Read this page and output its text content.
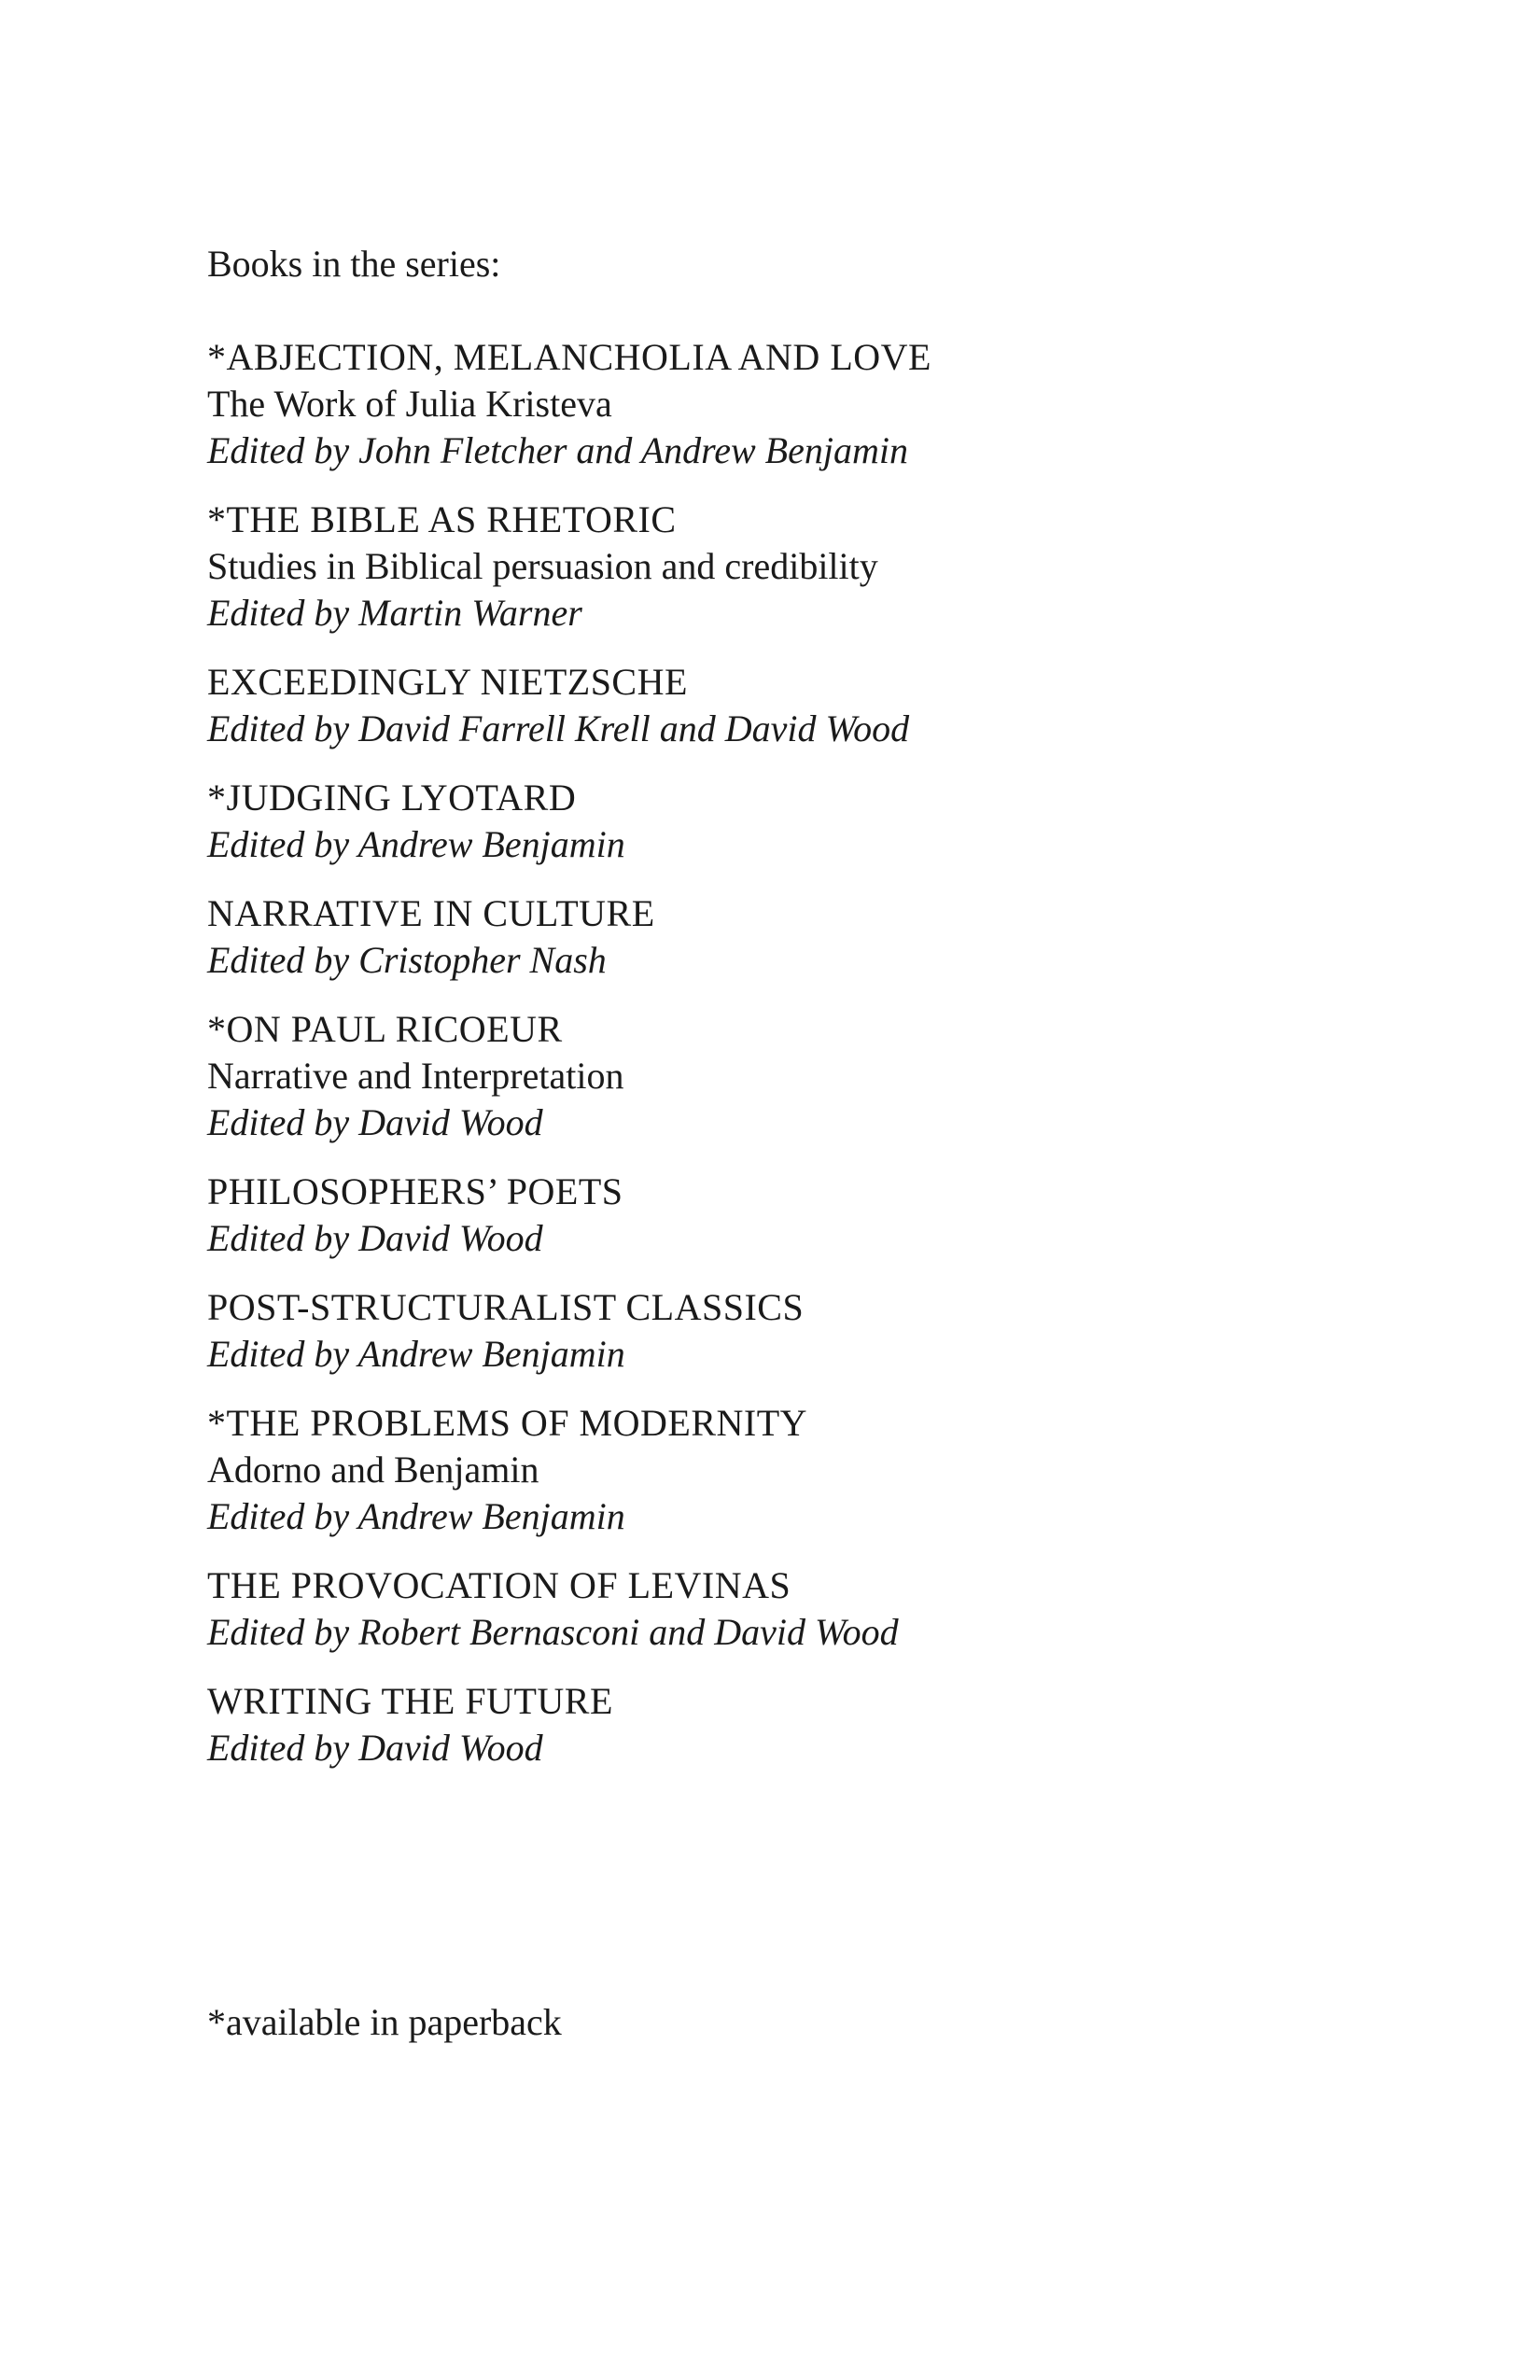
Books in the series:

*ABJECTION, MELANCHOLIA AND LOVE
The Work of Julia Kristeva
Edited by John Fletcher and Andrew Benjamin
*THE BIBLE AS RHETORIC
Studies in Biblical persuasion and credibility
Edited by Martin Warner
EXCEEDINGLY NIETZSCHE
Edited by David Farrell Krell and David Wood
*JUDGING LYOTARD
Edited by Andrew Benjamin
NARRATIVE IN CULTURE
Edited by Cristopher Nash
*ON PAUL RICOEUR
Narrative and Interpretation
Edited by David Wood
PHILOSOPHERS’ POETS
Edited by David Wood
POST-STRUCTURALIST CLASSICS
Edited by Andrew Benjamin
*THE PROBLEMS OF MODERNITY
Adorno and Benjamin
Edited by Andrew Benjamin
THE PROVOCATION OF LEVINAS
Edited by Robert Bernasconi and David Wood
WRITING THE FUTURE
Edited by David Wood

*available in paperback
